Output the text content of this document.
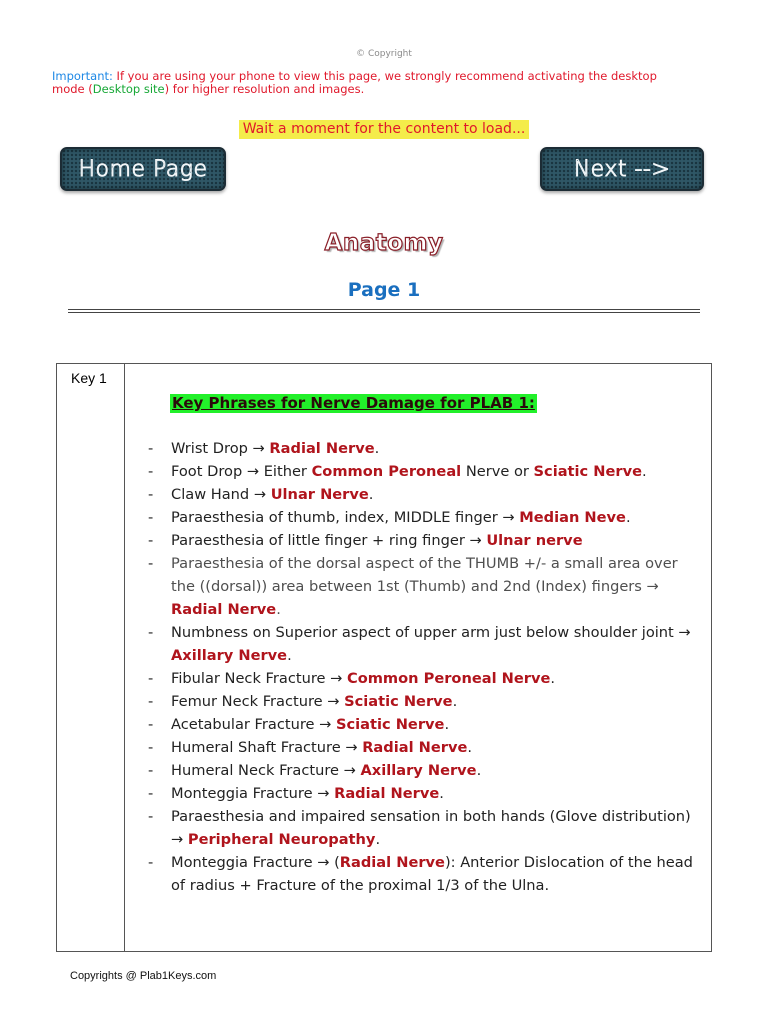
© Copyright
Important: If you are using your phone to view this page, we strongly recommend activating the desktop mode (Desktop site) for higher resolution and images.
Wait a moment for the content to load...
Home Page	Next -->
Anatomy
Page 1
Key 1
Key Phrases for Nerve Damage for PLAB 1:
- Wrist Drop → Radial Nerve.
- Foot Drop → Either Common Peroneal Nerve or Sciatic Nerve.
- Claw Hand → Ulnar Nerve.
- Paraesthesia of thumb, index, MIDDLE finger → Median Neve.
- Paraesthesia of little finger + ring finger → Ulnar nerve
- Paraesthesia of the dorsal aspect of the THUMB +/- a small area over the ((dorsal)) area between 1st (Thumb) and 2nd (Index) fingers → Radial Nerve.
- Numbness on Superior aspect of upper arm just below shoulder joint → Axillary Nerve.
- Fibular Neck Fracture → Common Peroneal Nerve.
- Femur Neck Fracture → Sciatic Nerve.
- Acetabular Fracture → Sciatic Nerve.
- Humeral Shaft Fracture → Radial Nerve.
- Humeral Neck Fracture → Axillary Nerve.
- Monteggia Fracture → Radial Nerve.
- Paraesthesia and impaired sensation in both hands (Glove distribution) → Peripheral Neuropathy.
- Monteggia Fracture → (Radial Nerve): Anterior Dislocation of the head of radius + Fracture of the proximal 1/3 of the Ulna.
Copyrights @ Plab1Keys.com
